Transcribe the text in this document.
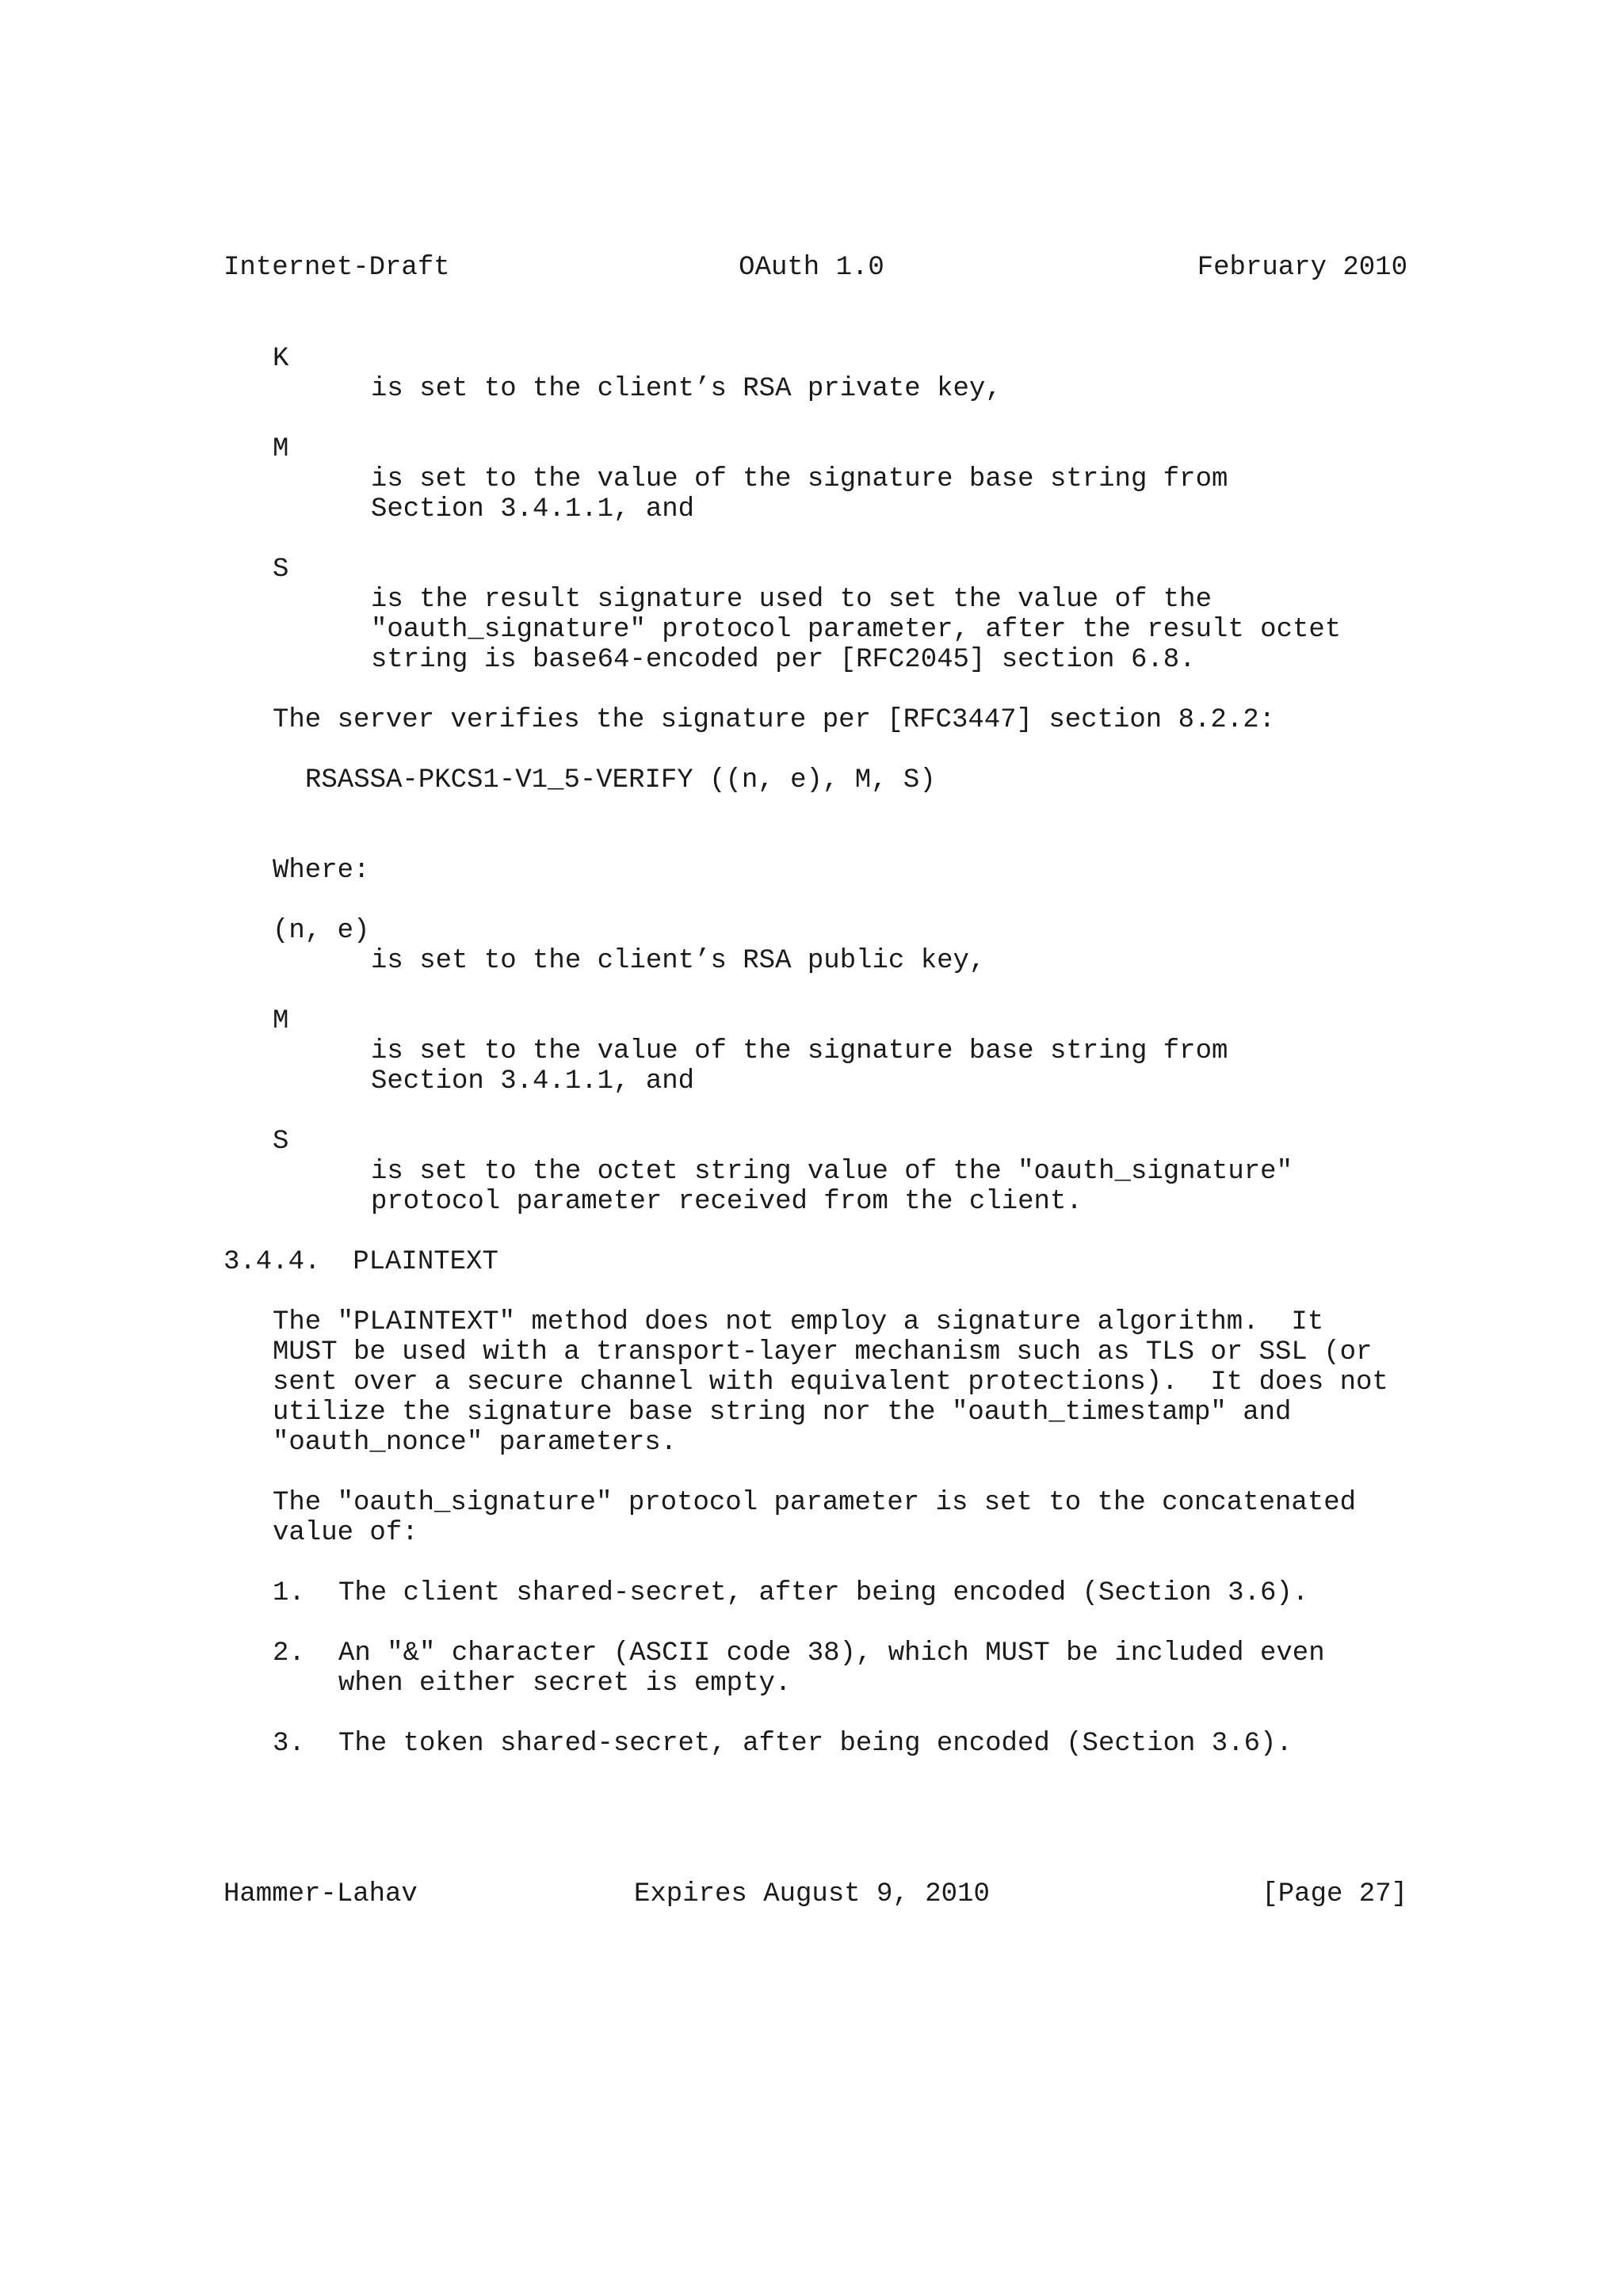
Internet-Draft	OAuth 1.0	February 2010
K
is set to the client’s RSA private key,
M
is set to the value of the signature base string from
Section 3.4.1.1, and
S
is the result signature used to set the value of the
"oauth_signature" protocol parameter, after the result octet
string is base64-encoded per [RFC2045] section 6.8.
The server verifies the signature per [RFC3447] section 8.2.2:
RSASSA-PKCS1-V1_5-VERIFY ((n, e), M, S)
Where:
(n, e)
is set to the client’s RSA public key,
M
is set to the value of the signature base string from
Section 3.4.1.1, and
S
is set to the octet string value of the "oauth_signature"
protocol parameter received from the client.
3.4.4.  PLAINTEXT
The "PLAINTEXT" method does not employ a signature algorithm.  It
MUST be used with a transport-layer mechanism such as TLS or SSL (or
sent over a secure channel with equivalent protections).  It does not
utilize the signature base string nor the "oauth_timestamp" and
"oauth_nonce" parameters.
The "oauth_signature" protocol parameter is set to the concatenated
value of:
1. The client shared-secret, after being encoded (Section 3.6).
2. An "&" character (ASCII code 38), which MUST be included even
when either secret is empty.
3. The token shared-secret, after being encoded (Section 3.6).
Hammer-Lahav	Expires August 9, 2010	[Page 27]
